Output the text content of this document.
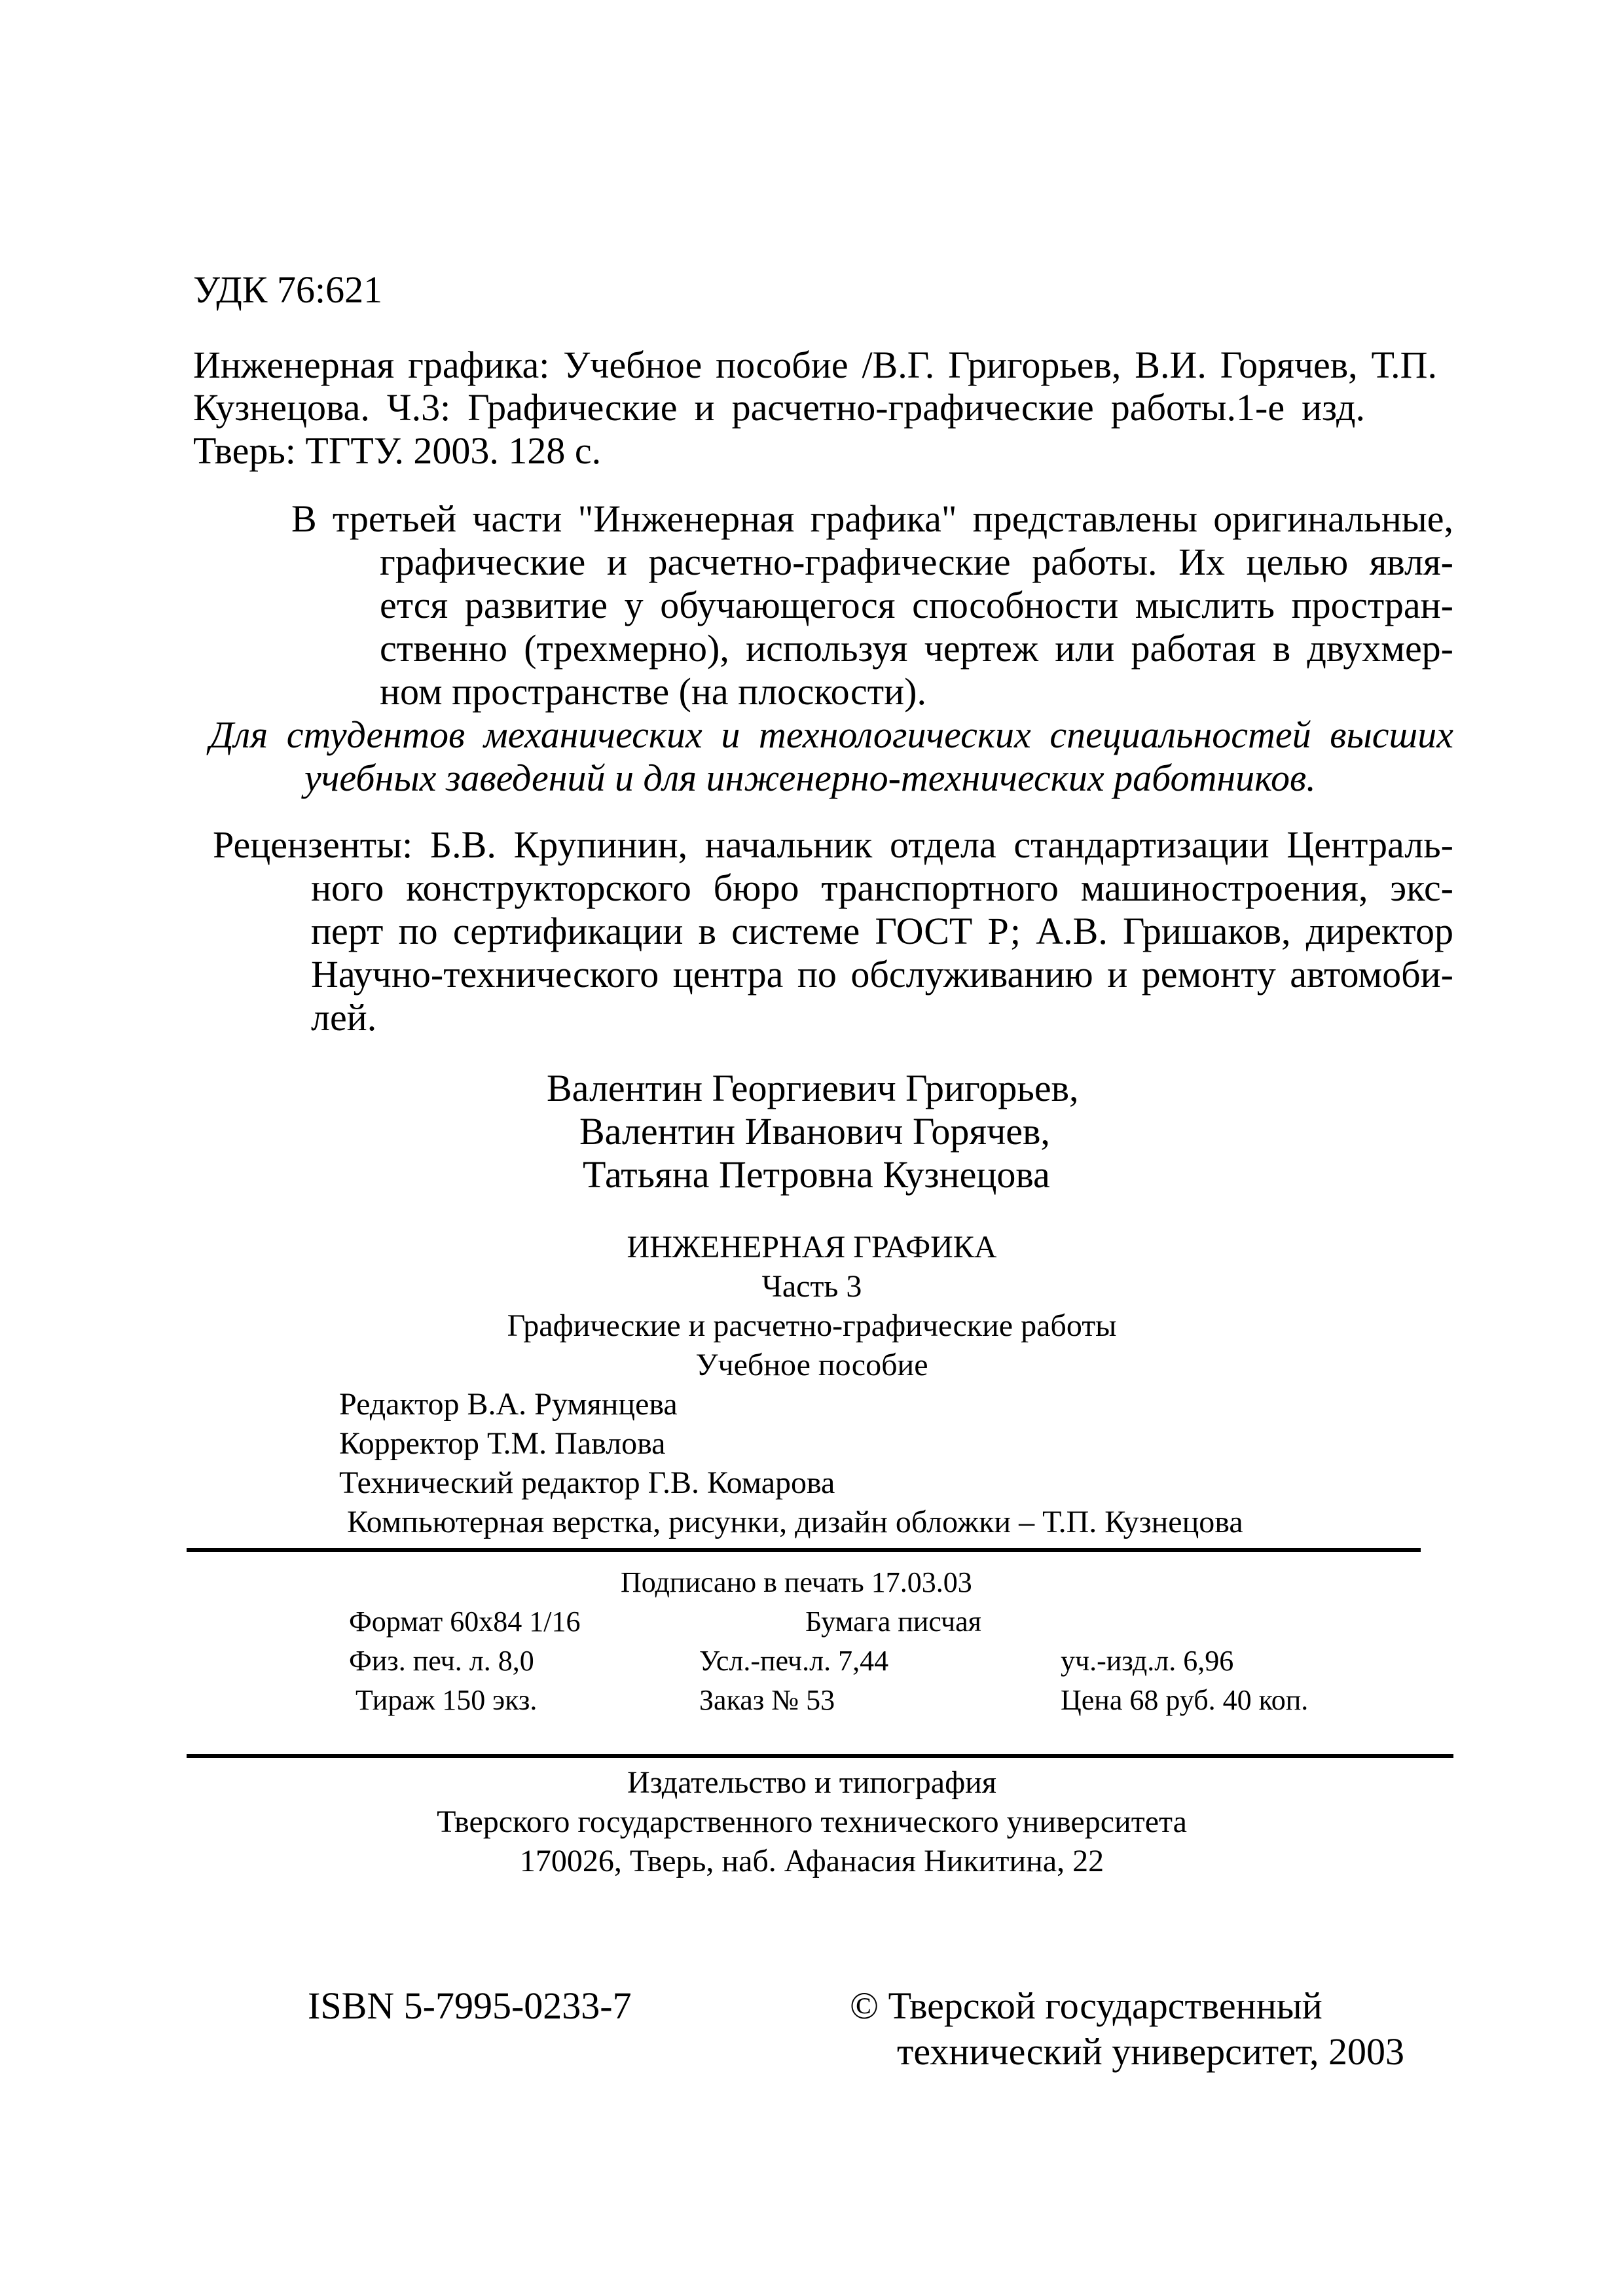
УДК 76:621
Инженерная графика: Учебное пособие /В.Г. Григорьев, В.И. Горячев, Т.П.
Кузнецова. Ч.3: Графические и расчетно-графические работы.1-е изд.
Тверь: ТГТУ. 2003. 128 с.
В третьей части "Инженерная графика" представлены оригинальные,
графические и расчетно-графические работы. Их целью явля-
ется развитие у обучающегося способности мыслить простран-
ственно (трехмерно), используя чертеж или работая в двухмер-
ном пространстве (на плоскости).
Для студентов механических и технологических специальностей высших
учебных заведений и для инженерно-технических работников.
Рецензенты: Б.В. Крупинин, начальник отдела стандартизации Централь-
ного конструкторского бюро транспортного машиностроения, экс-
перт по сертификации в системе ГОСТ Р; А.В. Гришаков, директор
Научно-технического центра по обслуживанию и ремонту автомоби-
лей.
Валентин Георгиевич Григорьев,
Валентин Иванович Горячев,
Татьяна Петровна Кузнецова
ИНЖЕНЕРНАЯ ГРАФИКА
Часть 3
Графические и расчетно-графические работы
Учебное пособие
Редактор В.А. Румянцева
Корректор Т.М. Павлова
Технический редактор Г.В. Комарова
Компьютерная верстка, рисунки, дизайн обложки – Т.П. Кузнецова
Подписано в печать 17.03.03
Формат 60x84 1/16	Бумага писчая
Физ. печ. л. 8,0	Усл.-печ.л. 7,44	уч.-изд.л. 6,96
Тираж 150 экз.	Заказ № 53	Цена 68 руб. 40 коп.
Издательство и типография
Тверского государственного технического университета
170026, Тверь, наб. Афанасия Никитина, 22
ISBN 5-7995-0233-7	© Тверской государственный
технический университет, 2003
